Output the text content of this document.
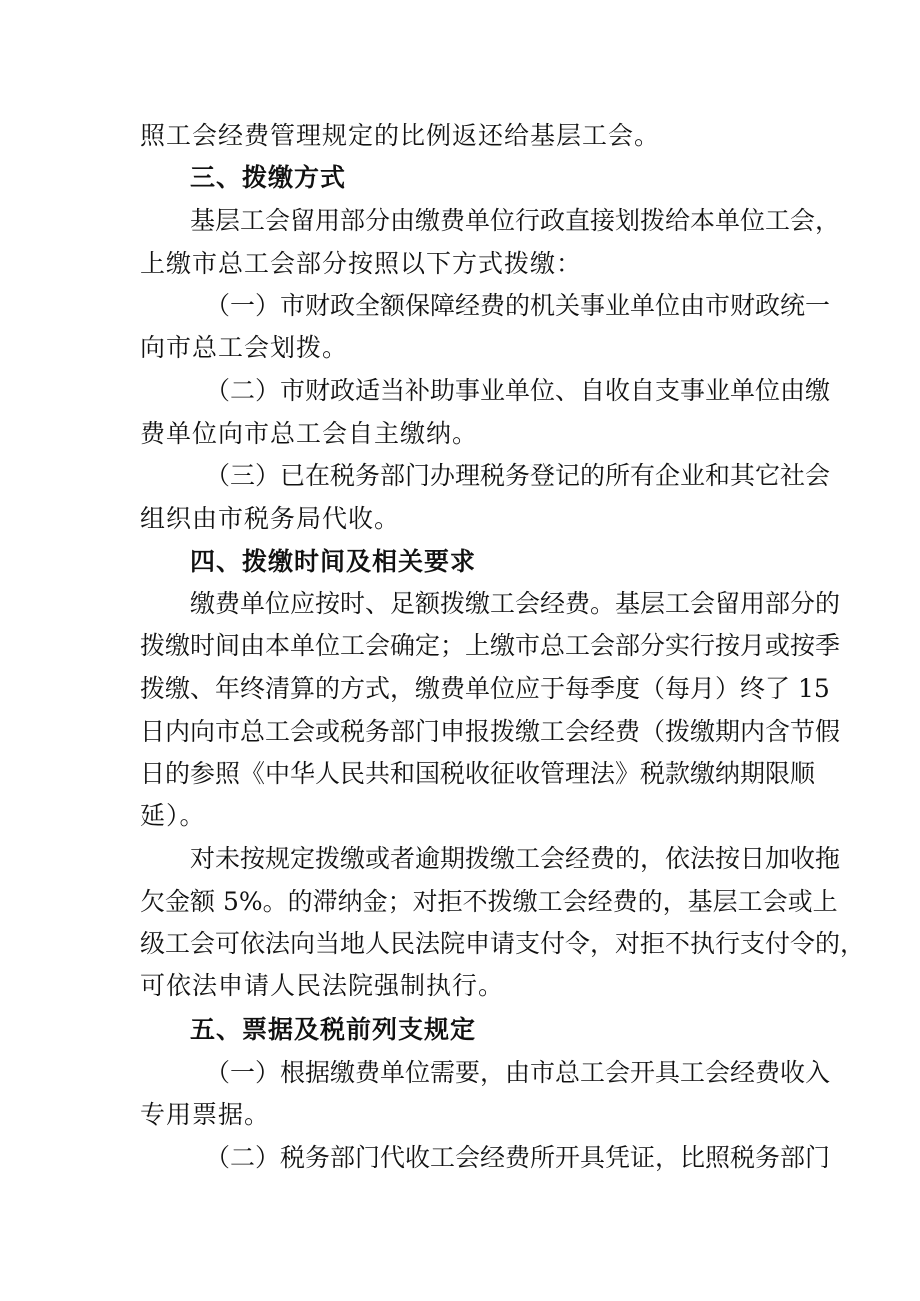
照工会经费管理规定的比例返还给基层工会。
三、拨缴方式
基层工会留用部分由缴费单位行政直接划拨给本单位工会，
上缴市总工会部分按照以下方式拨缴：
（一）市财政全额保障经费的机关事业单位由市财政统一
向市总工会划拨。
（二）市财政适当补助事业单位、自收自支事业单位由缴
费单位向市总工会自主缴纳。
（三）已在税务部门办理税务登记的所有企业和其它社会
组织由市税务局代收。
四、拨缴时间及相关要求
缴费单位应按时、足额拨缴工会经费。基层工会留用部分的
拨缴时间由本单位工会确定；上缴市总工会部分实行按月或按季
拨缴、年终清算的方式，缴费单位应于每季度（每月）终了 15
日内向市总工会或税务部门申报拨缴工会经费（拨缴期内含节假
日的参照《中华人民共和国税收征收管理法》税款缴纳期限顺
延）。
对未按规定拨缴或者逾期拨缴工会经费的，依法按日加收拖
欠金额 5%。的滞纳金；对拒不拨缴工会经费的，基层工会或上
级工会可依法向当地人民法院申请支付令，对拒不执行支付令的，
可依法申请人民法院强制执行。
五、票据及税前列支规定
（一）根据缴费单位需要，由市总工会开具工会经费收入
专用票据。
（二）税务部门代收工会经费所开具凭证，比照税务部门
